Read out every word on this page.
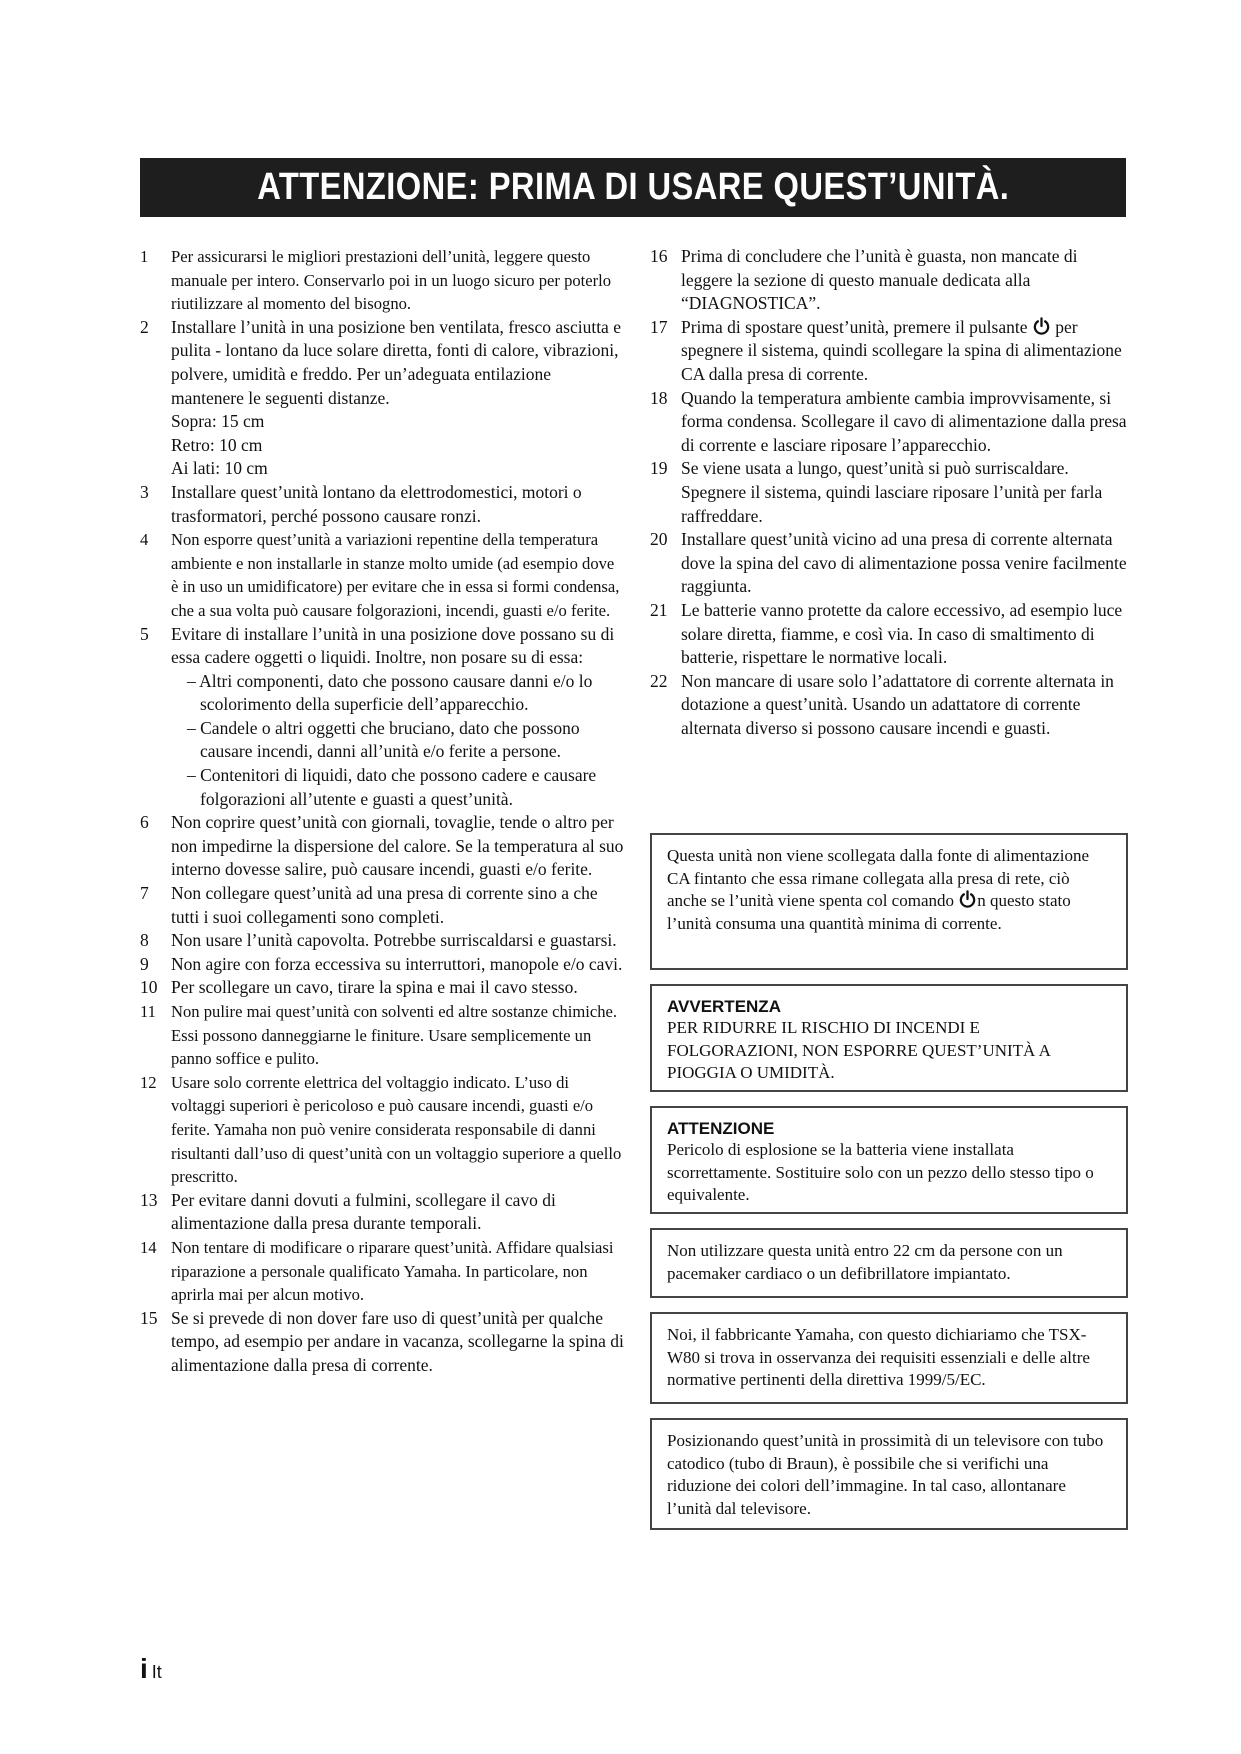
ATTENZIONE: PRIMA DI USARE QUEST’UNITÀ.
1 Per assicurarsi le migliori prestazioni dell’unità, leggere questo manuale per intero. Conservarlo poi in un luogo sicuro per poterlo riutilizzare al momento del bisogno.
2 Installare l’unità in una posizione ben ventilata, fresco asciutta e pulita - lontano da luce solare diretta, fonti di calore, vibrazioni, polvere, umidità e freddo. Per un’adeguata entilazione mantenere le seguenti distanze.
Sopra: 15 cm
Retro: 10 cm
Ai lati: 10 cm
3 Installare quest’unità lontano da elettrodomestici, motori o trasformatori, perché possono causare ronzi.
4 Non esporre quest’unità a variazioni repentine della temperatura ambiente e non installarle in stanze molto umide (ad esempio dove è in uso un umidificatore) per evitare che in essa si formi condensa, che a sua volta può causare folgorazioni, incendi, guasti e/o ferite.
5 Evitare di installare l’unità in una posizione dove possano su di essa cadere oggetti o liquidi. Inoltre, non posare su di essa:
– Altri componenti, dato che possono causare danni e/o lo scolorimento della superficie dell’apparecchio.
– Candele o altri oggetti che bruciano, dato che possono causare incendi, danni all’unità e/o ferite a persone.
– Contenitori di liquidi, dato che possono cadere e causare folgorazioni all’utente e guasti a quest’unità.
6 Non coprire quest’unità con giornali, tovaglie, tende o altro per non impedirne la dispersione del calore. Se la temperatura al suo interno dovesse salire, può causare incendi, guasti e/o ferite.
7 Non collegare quest’unità ad una presa di corrente sino a che tutti i suoi collegamenti sono completi.
8 Non usare l’unità capovolta. Potrebbe surriscaldarsi e guastarsi.
9 Non agire con forza eccessiva su interruttori, manopole e/o cavi.
10 Per scollegare un cavo, tirare la spina e mai il cavo stesso.
11 Non pulire mai quest’unità con solventi ed altre sostanze chimiche. Essi possono danneggiarne le finiture. Usare semplicemente un panno soffice e pulito.
12 Usare solo corrente elettrica del voltaggio indicato. L’uso di voltaggi superiori è pericoloso e può causare incendi, guasti e/o ferite. Yamaha non può venire considerata responsabile di danni risultanti dall’uso di quest’unità con un voltaggio superiore a quello prescritto.
13 Per evitare danni dovuti a fulmini, scollegare il cavo di alimentazione dalla presa durante temporali.
14 Non tentare di modificare o riparare quest’unità. Affidare qualsiasi riparazione a personale qualificato Yamaha. In particolare, non aprirla mai per alcun motivo.
15 Se si prevede di non dover fare uso di quest’unità per qualche tempo, ad esempio per andare in vacanza, scollegarne la spina di alimentazione dalla presa di corrente.
16 Prima di concludere che l’unità è guasta, non mancate di leggere la sezione di questo manuale dedicata alla “DIAGNOSTICA”.
17 Prima di spostare quest’unità, premere il pulsante per spegnere il sistema, quindi scollegare la spina di alimentazione CA dalla presa di corrente.
18 Quando la temperatura ambiente cambia improvvisamente, si forma condensa. Scollegare il cavo di alimentazione dalla presa di corrente e lasciare riposare l’apparecchio.
19 Se viene usata a lungo, quest’unità si può surriscaldare. Spegnere il sistema, quindi lasciare riposare l’unità per farla raffreddare.
20 Installare quest’unità vicino ad una presa di corrente alternata dove la spina del cavo di alimentazione possa venire facilmente raggiunta.
21 Le batterie vanno protette da calore eccessivo, ad esempio luce solare diretta, fiamme, e così via. In caso di smaltimento di batterie, rispettare le normative locali.
22 Non mancare di usare solo l’adattatore di corrente alternata in dotazione a quest’unità. Usando un adattatore di corrente alternata diverso si possono causare incendi e guasti.

Questa unità non viene scollegata dalla fonte di alimentazione CA fintanto che essa rimane collegata alla presa di rete, ciò anche se l’unità viene spenta col comando n questo stato l’unità consuma una quantità minima di corrente.

AVVERTENZA

PER RIDURRE IL RISCHIO DI INCENDI E FOLGORAZIONI, NON ESPORRE QUEST’UNITÀ A PIOGGIA O UMIDITÀ.

ATTENZIONE

Pericolo di esplosione se la batteria viene installata scorrettamente. Sostituire solo con un pezzo dello stesso tipo o equivalente.

Non utilizzare questa unità entro 22 cm da persone con un pacemaker cardiaco o un defibrillatore impiantato.

Noi, il fabbricante Yamaha, con questo dichiariamo che TSX-W80 si trova in osservanza dei requisiti essenziali e delle altre normative pertinenti della direttiva 1999/5/EC.

Posizionando quest’unità in prossimità di un televisore con tubo catodico (tubo di Braun), è possibile che si verifichi una riduzione dei colori dell’immagine. In tal caso, allontanare l’unità dal televisore.

i It
